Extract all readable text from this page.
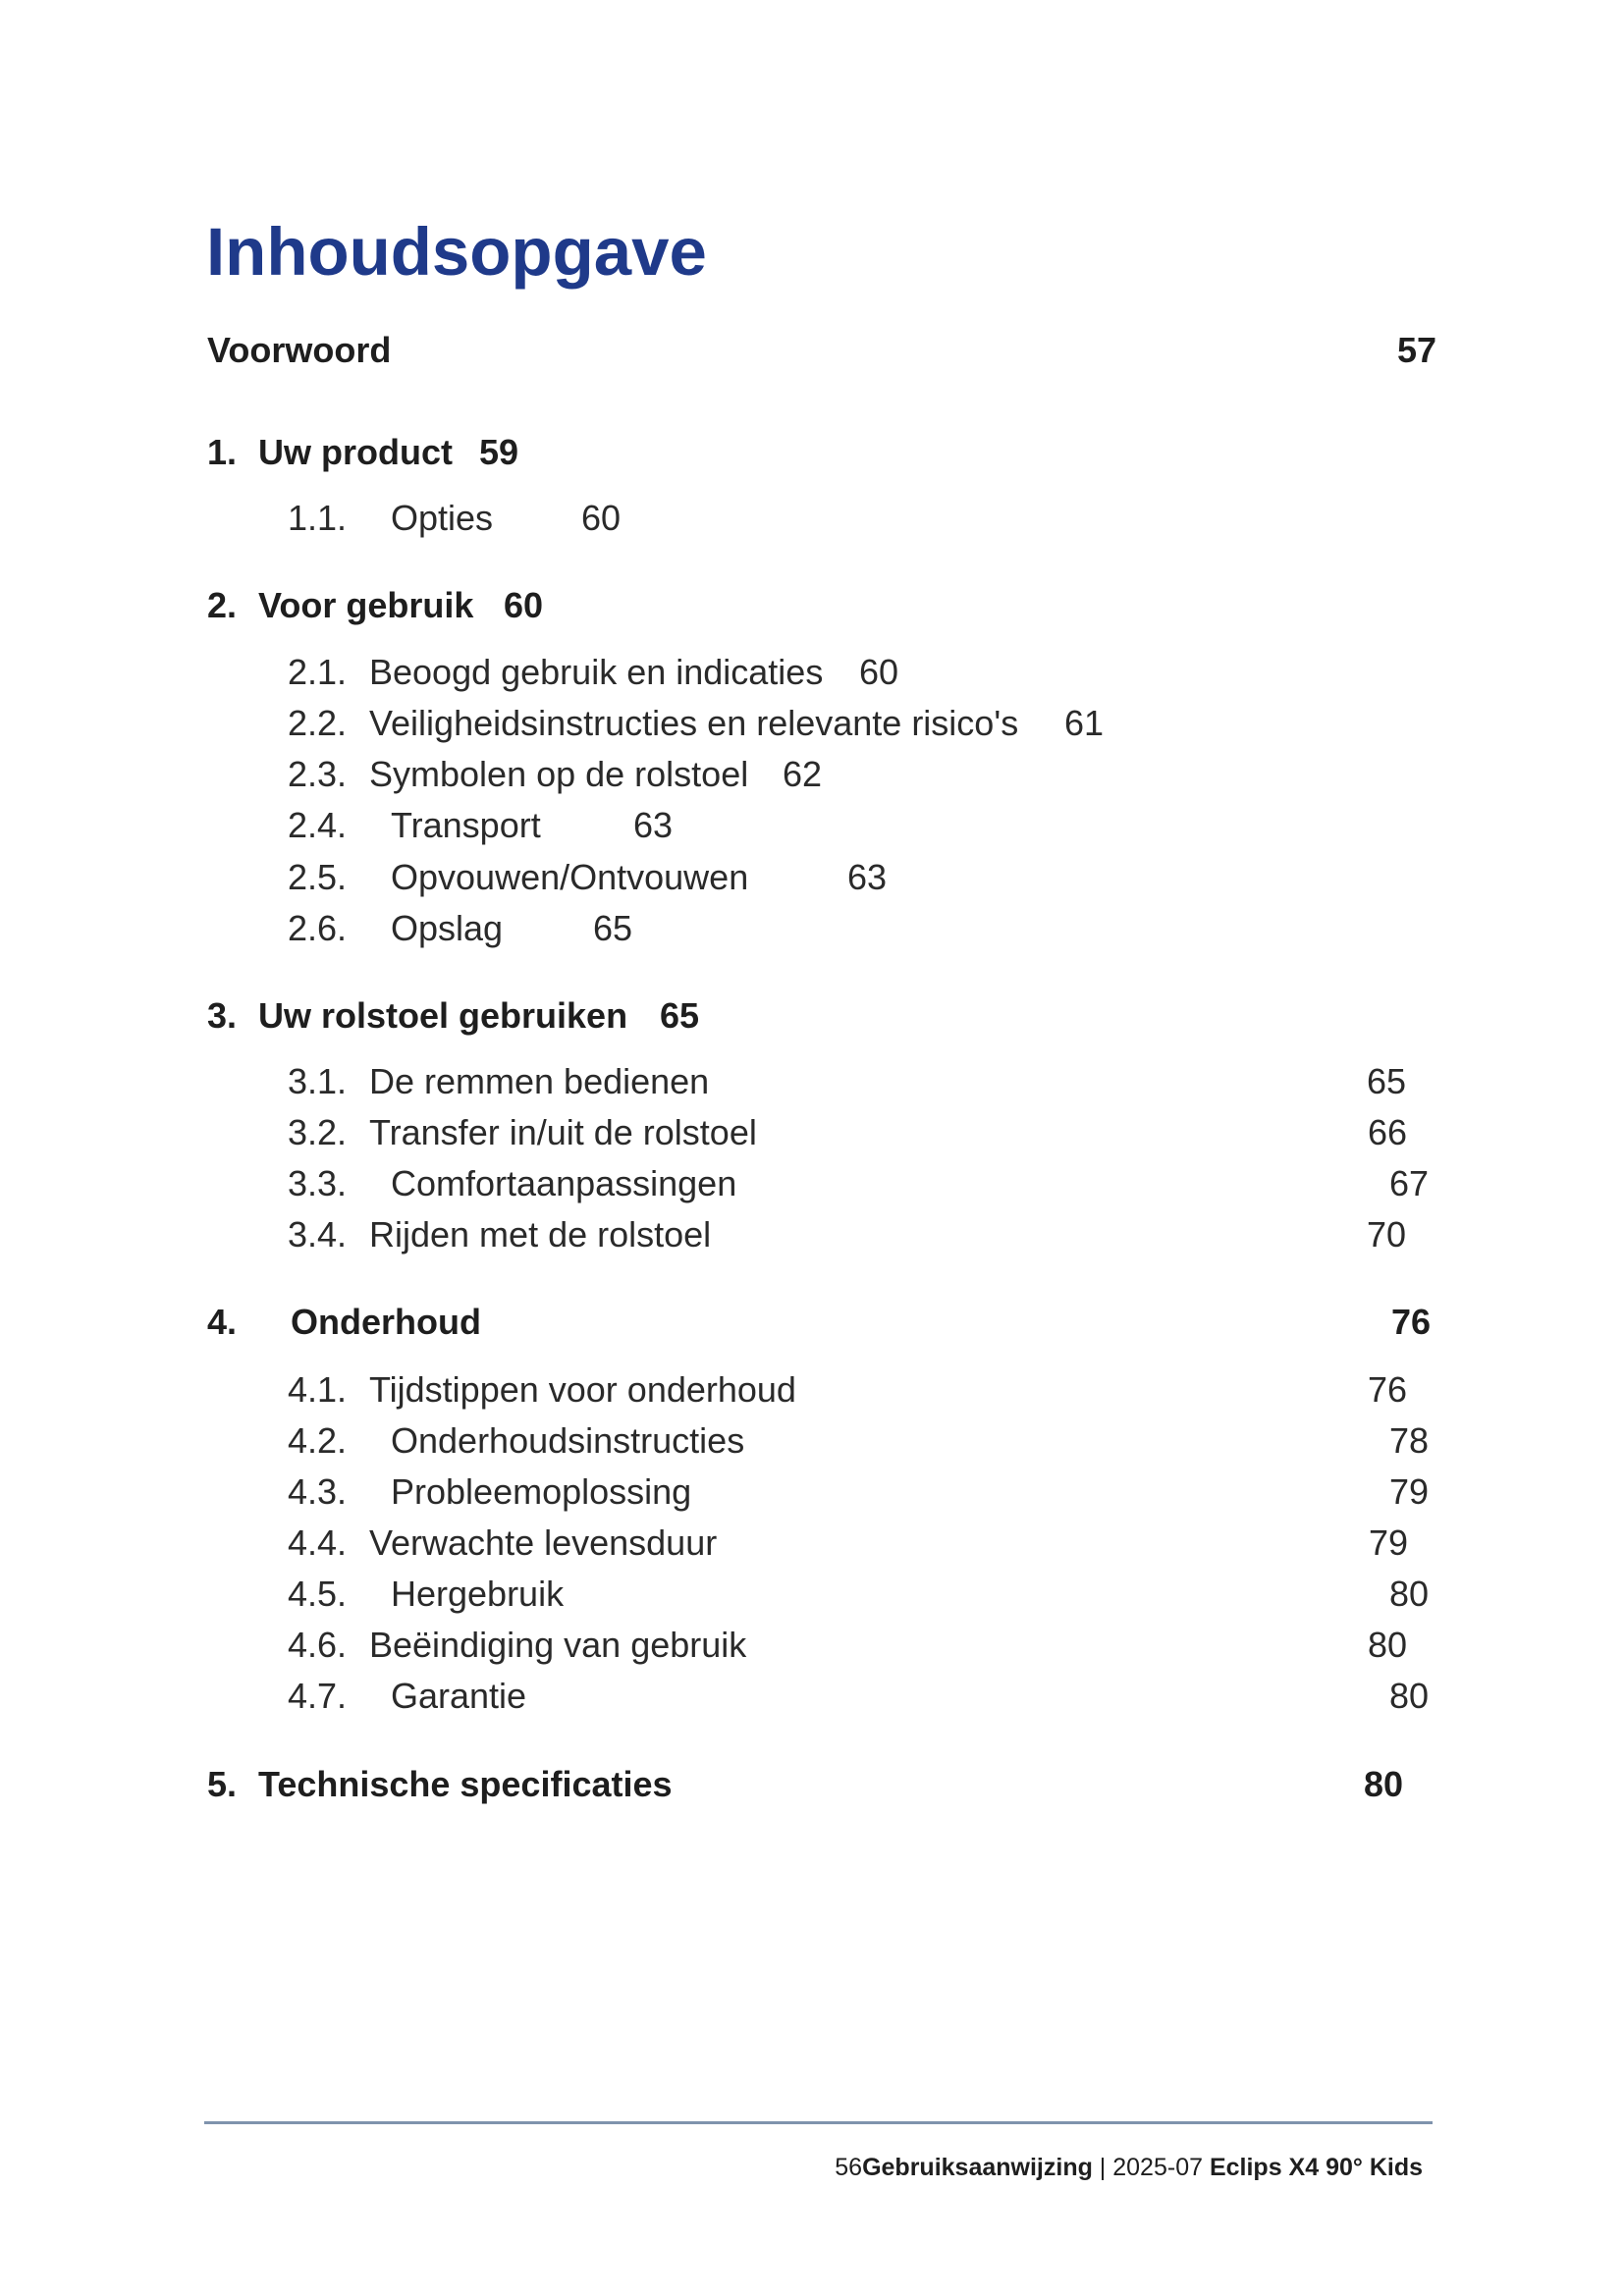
Inhoudsopgave
Voorwoord	57
1. Uw product 59
1.1. Opties 60
2. Voor gebruik 60
2.1. Beoogd gebruik en indicaties 60
2.2. Veiligheidsinstructies en relevante risico's 61
2.3. Symbolen op de rolstoel 62
2.4. Transport	63
2.5. Opvouwen/Ontvouwen	63
2.6. Opslag	65
3. Uw rolstoel gebruiken 65
3.1. De remmen bedienen	65
3.2. Transfer in/uit de rolstoel	66
3.3. Comfortaanpassingen	67
3.4. Rijden met de rolstoel	70
4. Onderhoud	76
4.1. Tijdstippen voor onderhoud	76
4.2. Onderhoudsinstructies	78
4.3. Probleemoplossing	79
4.4. Verwachte levensduur	79
4.5. Hergebruik	80
4.6. Beëindiging van gebruik	80
4.7. Garantie	80
5. Technische specificaties	80
56Gebruiksaanwijzing | 2025-07 Eclips X4 90° Kids
